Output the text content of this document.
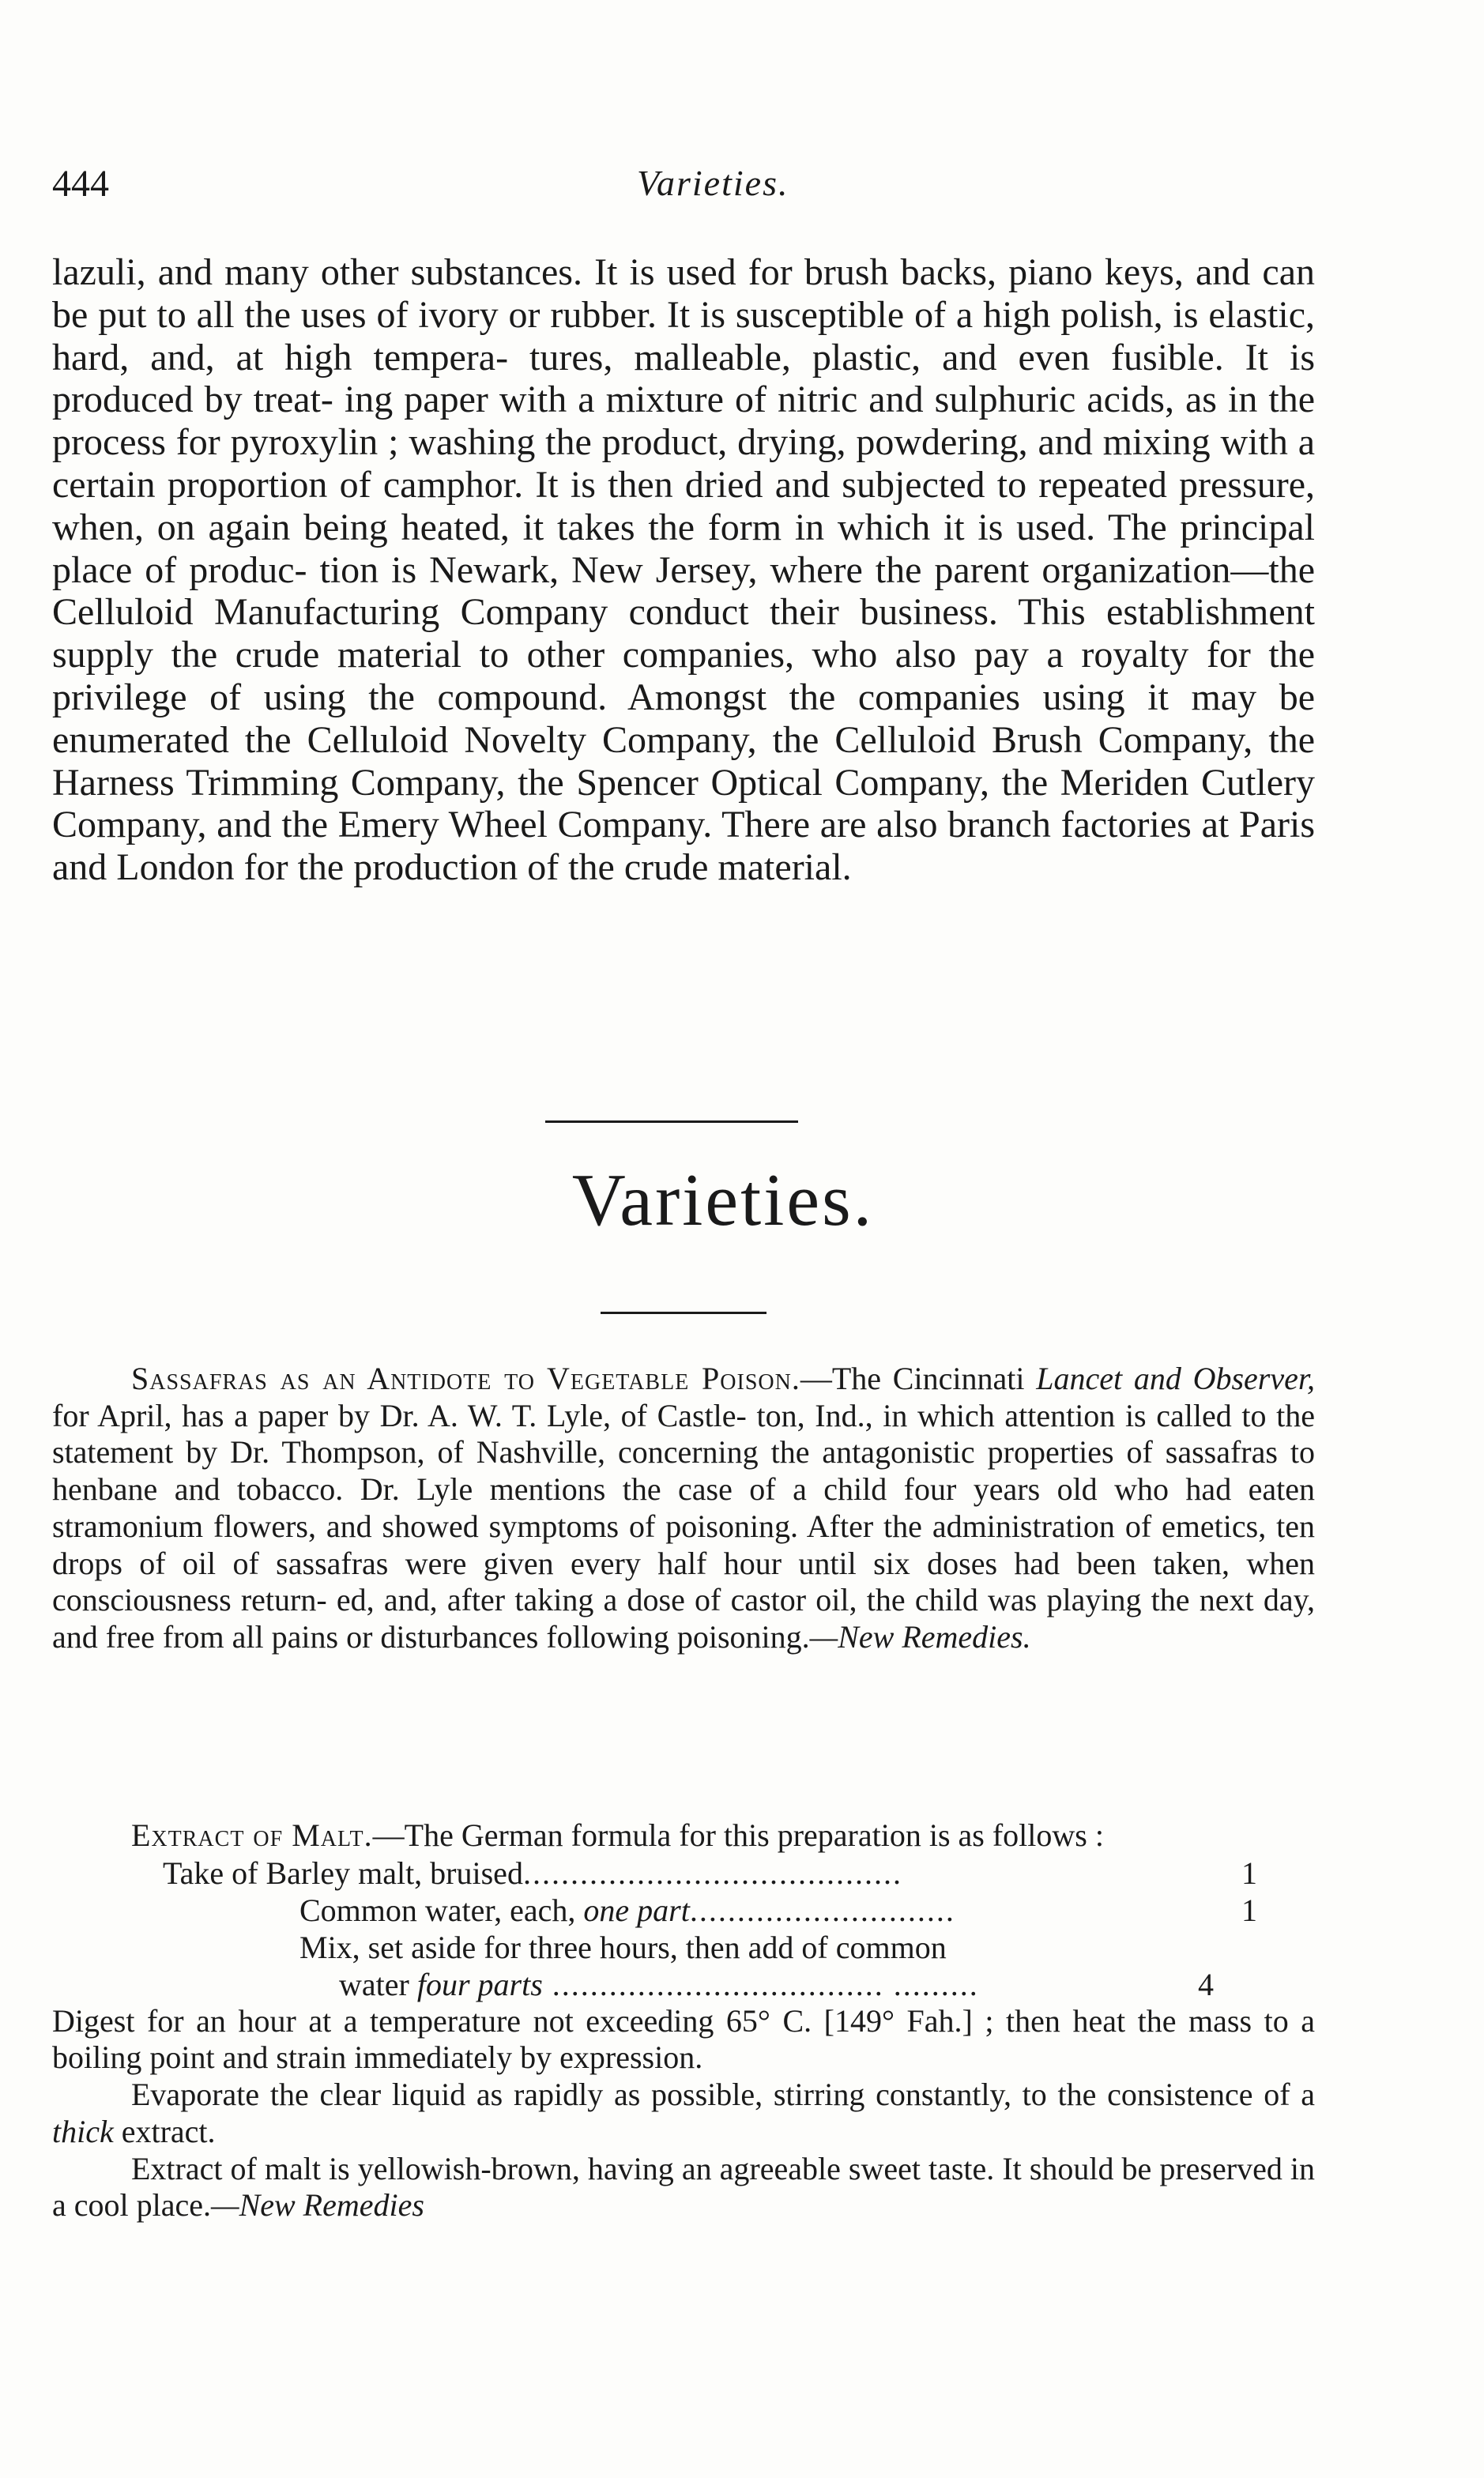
444	Varieties.

lazuli, and many other substances. It is used for brush backs, piano keys, and can be put to all the uses of ivory or rubber. It is susceptible of a high polish, is elastic, hard, and, at high tempera- tures, malleable, plastic, and even fusible. It is produced by treat- ing paper with a mixture of nitric and sulphuric acids, as in the process for pyroxylin ; washing the product, drying, powdering, and mixing with a certain proportion of camphor. It is then dried and subjected to repeated pressure, when, on again being heated, it takes the form in which it is used. The principal place of produc- tion is Newark, New Jersey, where the parent organization—the Celluloid Manufacturing Company conduct their business. This establishment supply the crude material to other companies, who also pay a royalty for the privilege of using the compound. Amongst the companies using it may be enumerated the Celluloid Novelty Company, the Celluloid Brush Company, the Harness Trimming Company, the Spencer Optical Company, the Meriden Cutlery Company, and the Emery Wheel Company. There are also branch factories at Paris and London for the production of the crude material.

Varieties.

Sassafras as an Antidote to Vegetable Poison.—The Cincinnati Lancet and Observer, for April, has a paper by Dr. A. W. T. Lyle, of Castle- ton, Ind., in which attention is called to the statement by Dr. Thompson, of Nashville, concerning the antagonistic properties of sassafras to henbane and tobacco. Dr. Lyle mentions the case of a child four years old who had eaten stramonium flowers, and showed symptoms of poisoning. After the administration of emetics, ten drops of oil of sassafras were given every half hour until six doses had been taken, when consciousness return- ed, and, after taking a dose of castor oil, the child was playing the next day, and free from all pains or disturbances following poisoning.—New Remedies.

Extract of Malt.—The German formula for this preparation is as follows :

Take of Barley malt, bruised........................................	1
Common water, each, one part............................	1
Mix, set aside for three hours, then add of common
water four parts ................................... .........	4

Digest for an hour at a temperature not exceeding 65° C. [149° Fah.] ; then heat the mass to a boiling point and strain immediately by expression.

Evaporate the clear liquid as rapidly as possible, stirring constantly, to the consistence of a thick extract.

Extract of malt is yellowish-brown, having an agreeable sweet taste. It should be preserved in a cool place.—New Remedies
